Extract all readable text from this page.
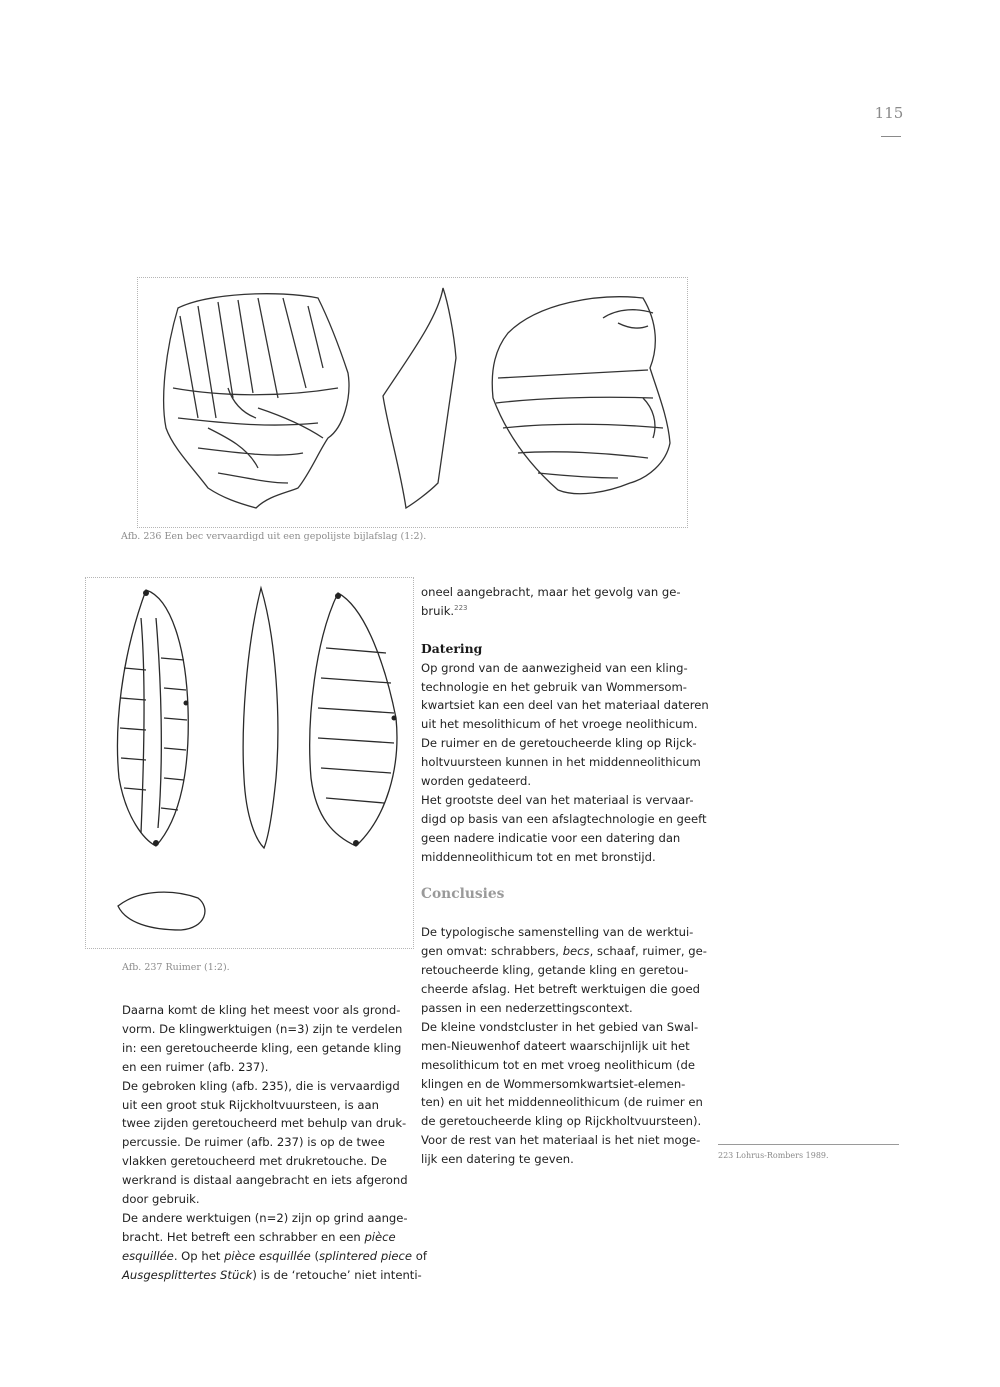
115
Afb. 236 Een bec vervaardigd uit een gepolijste bijlafslag (1:2).
Afb. 237 Ruimer (1:2).

Daarna komt de kling het meest voor als grond-

vorm. De klingwerktuigen (n=3) zijn te verdelen

in: een geretoucheerde kling, een getande kling

en een ruimer (afb. 237).

De gebroken kling (afb. 235), die is vervaardigd

uit een groot stuk Rijckholtvuursteen, is aan

twee zijden geretoucheerd met behulp van druk-

percussie. De ruimer (afb. 237) is op de twee

vlakken geretoucheerd met drukretouche. De

werkrand is distaal aangebracht en iets afgerond

door gebruik.

De andere werktuigen (n=2) zijn op grind aange-

bracht. Het betreft een schrabber en een pièce

esquillée. Op het pièce esquillée (splintered piece of

Ausgesplittertes Stück) is de ‘retouche’ niet intenti-

oneel aangebracht, maar het gevolg van ge-

bruik.$^{223}$

Datering

Op grond van de aanwezigheid van een kling-

technologie en het gebruik van Wommersom-

kwartsiet kan een deel van het materiaal dateren

uit het mesolithicum of het vroege neolithicum.

De ruimer en de geretoucheerde kling op Rijck-

holtvuursteen kunnen in het middenneolithicum

worden gedateerd.

Het grootste deel van het materiaal is vervaar-

digd op basis van een afslagtechnologie en geeft

geen nadere indicatie voor een datering dan

middenneolithicum tot en met bronstijd.

Conclusies

De typologische samenstelling van de werktui-

gen omvat: schrabbers, becs, schaaf, ruimer, ge-

retoucheerde kling, getande kling en geretou-

cheerde afslag. Het betreft werktuigen die goed

passen in een nederzettingscontext.

De kleine vondstcluster in het gebied van Swal-

men-Nieuwenhof dateert waarschijnlijk uit het

mesolithicum tot en met vroeg neolithicum (de

klingen en de Wommersomkwartsiet-elemen-

ten) en uit het middenneolithicum (de ruimer en

de geretoucheerde kling op Rijckholtvuursteen).

Voor de rest van het materiaal is het niet moge-

lijk een datering te geven.	223 Lohrus-Rombers 1989.
